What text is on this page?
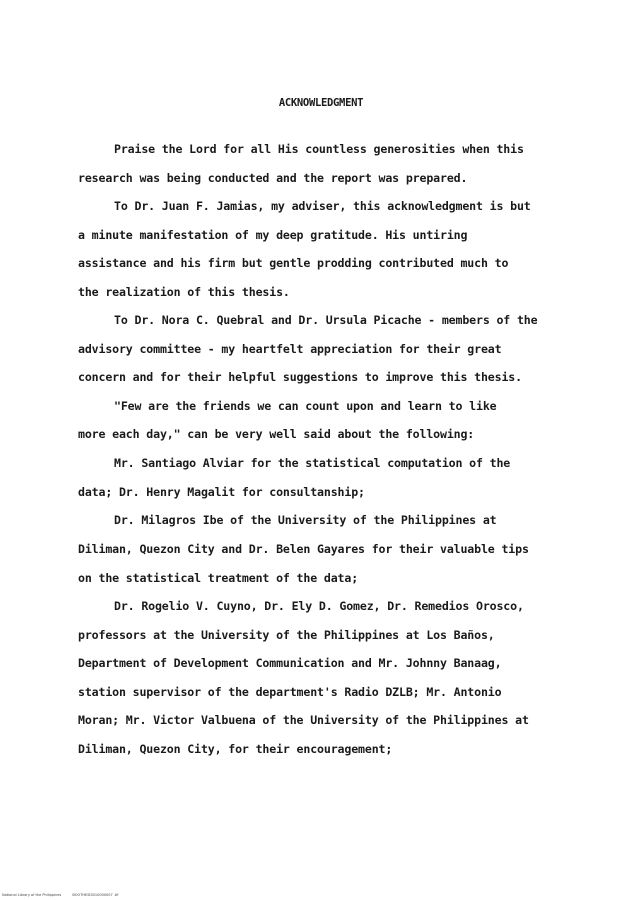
ACKNOWLEDGMENT
Praise the Lord for all His countless generosities when this
research was being conducted and the report was prepared.
To Dr. Juan F. Jamias, my adviser, this acknowledgment is but
a minute manifestation of my deep gratitude. His untiring
assistance and his firm but gentle prodding contributed much to
the realization of this thesis.
To Dr. Nora C. Quebral and Dr. Ursula Picache - members of the
advisory committee - my heartfelt appreciation for their great
concern and for their helpful suggestions to improve this thesis.
"Few are the friends we can count upon and learn to like
more each day," can be very well said about the following:
Mr. Santiago Alviar for the statistical computation of the
data; Dr. Henry Magalit for consultanship;
Dr. Milagros Ibe of the University of the Philippines at
Diliman, Quezon City and Dr. Belen Gayares for their valuable tips
on the statistical treatment of the data;
Dr. Rogelio V. Cuyno, Dr. Ely D. Gomez, Dr. Remedios Orosco,
professors at the University of the Philippines at Los Baños,
Department of Development Communication and Mr. Johnny Banaag,
station supervisor of the department's Radio DZLB; Mr. Antonio
Moran; Mr. Victor Valbuena of the University of the Philippines at
Diliman, Quezon City, for their encouragement;
National Library of the Philippines	BOOTHESIS010000007 .tif
